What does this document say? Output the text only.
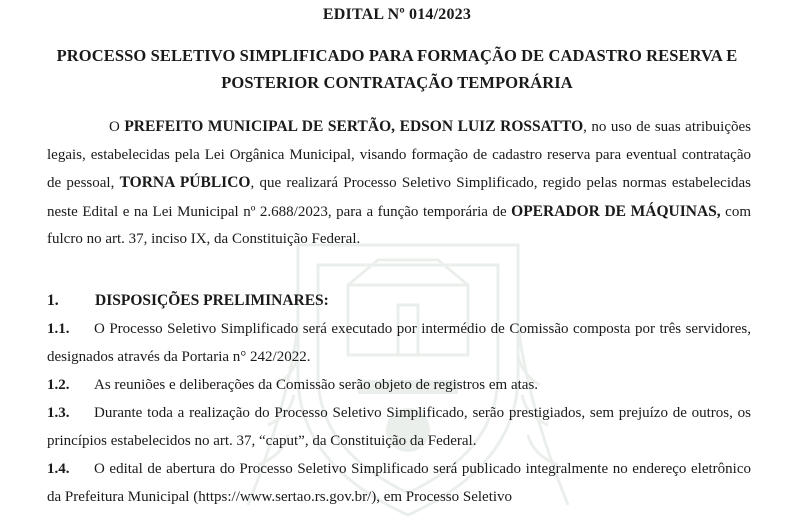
EDITAL Nº 014/2023
PROCESSO SELETIVO SIMPLIFICADO PARA FORMAÇÃO DE CADASTRO RESERVA E
POSTERIOR CONTRATAÇÃO TEMPORÁRIA

O PREFEITO MUNICIPAL DE SERTÃO, EDSON LUIZ ROSSATTO, no uso de suas atribuições legais, estabelecidas pela Lei Orgânica Municipal, visando formação de cadastro reserva para eventual contratação de pessoal, TORNA PÚBLICO, que realizará Processo Seletivo Simplificado, regido pelas normas estabelecidas neste Edital e na Lei Municipal nº 2.688/2023, para a função temporária de OPERADOR DE MÁQUINAS, com fulcro no art. 37, inciso IX, da Constituição Federal.

1. DISPOSIÇÕES PRELIMINARES:

1.1. O Processo Seletivo Simplificado será executado por intermédio de Comissão composta por três servidores, designados através da Portaria n° 242/2022.

1.2. As reuniões e deliberações da Comissão serão objeto de registros em atas.

1.3. Durante toda a realização do Processo Seletivo Simplificado, serão prestigiados, sem prejuízo de outros, os princípios estabelecidos no art. 37, “caput”, da Constituição da Federal.

1.4. O edital de abertura do Processo Seletivo Simplificado será publicado integralmente no endereço eletrônico da Prefeitura Municipal (https://www.sertao.rs.gov.br/), em Processo Seletivo
